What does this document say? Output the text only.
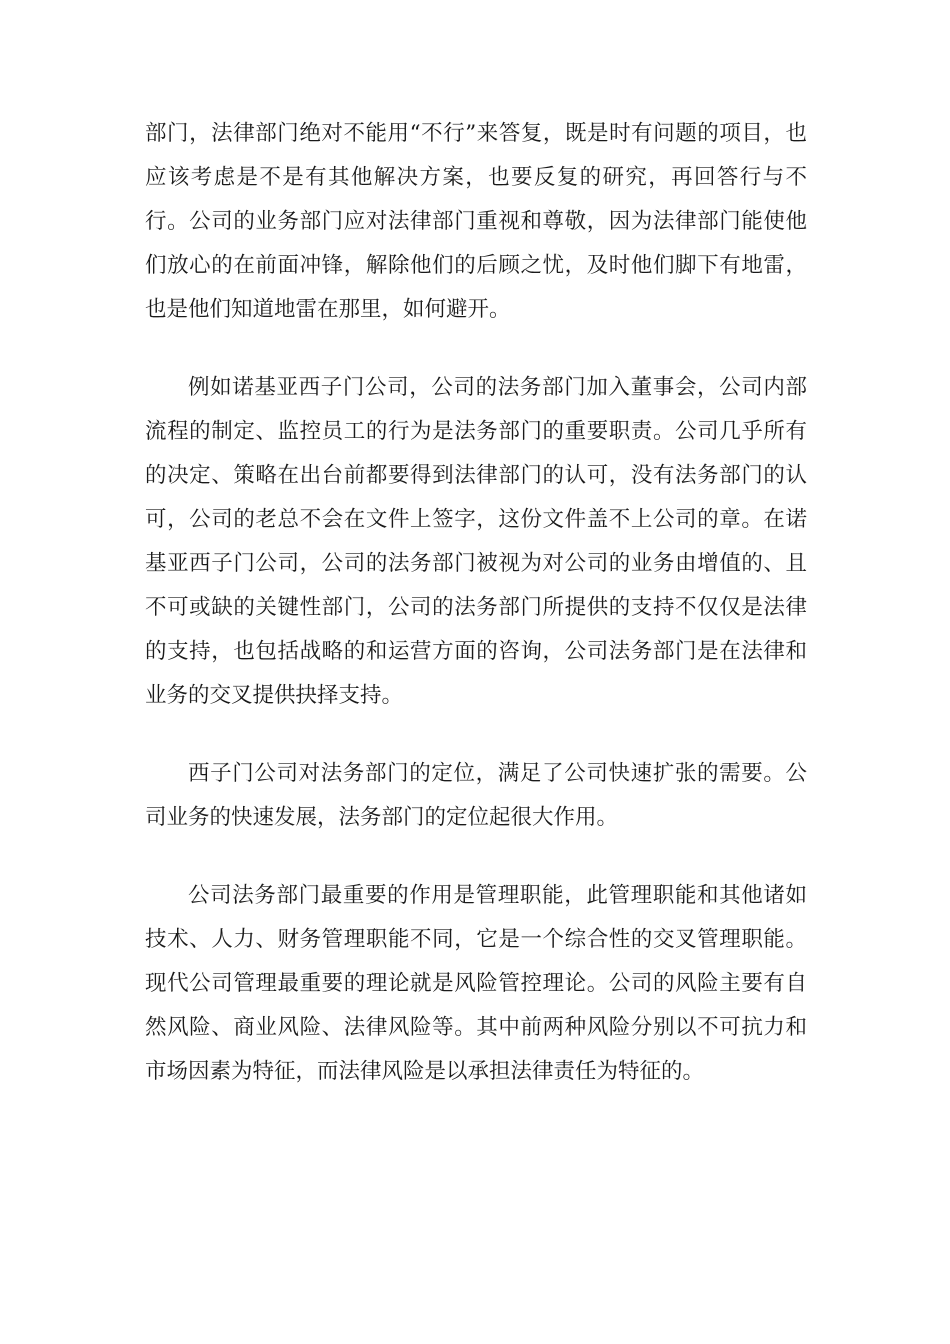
部门，法律部门绝对不能用“不行”来答复，既是时有问题的项目，也应该考虑是不是有其他解决方案，也要反复的研究，再回答行与不行。公司的业务部门应对法律部门重视和尊敬，因为法律部门能使他们放心的在前面冲锋，解除他们的后顾之忧，及时他们脚下有地雷，也是他们知道地雷在那里，如何避开。

例如诺基亚西子门公司，公司的法务部门加入董事会，公司内部流程的制定、监控员工的行为是法务部门的重要职责。公司几乎所有的决定、策略在出台前都要得到法律部门的认可，没有法务部门的认可，公司的老总不会在文件上签字，这份文件盖不上公司的章。在诺基亚西子门公司，公司的法务部门被视为对公司的业务由增值的、且不可或缺的关键性部门，公司的法务部门所提供的支持不仅仅是法律的支持，也包括战略的和运营方面的咨询，公司法务部门是在法律和业务的交叉提供抉择支持。

西子门公司对法务部门的定位，满足了公司快速扩张的需要。公司业务的快速发展，法务部门的定位起很大作用。

公司法务部门最重要的作用是管理职能，此管理职能和其他诸如技术、人力、财务管理职能不同，它是一个综合性的交叉管理职能。现代公司管理最重要的理论就是风险管控理论。公司的风险主要有自然风险、商业风险、法律风险等。其中前两种风险分别以不可抗力和市场因素为特征，而法律风险是以承担法律责任为特征的。
